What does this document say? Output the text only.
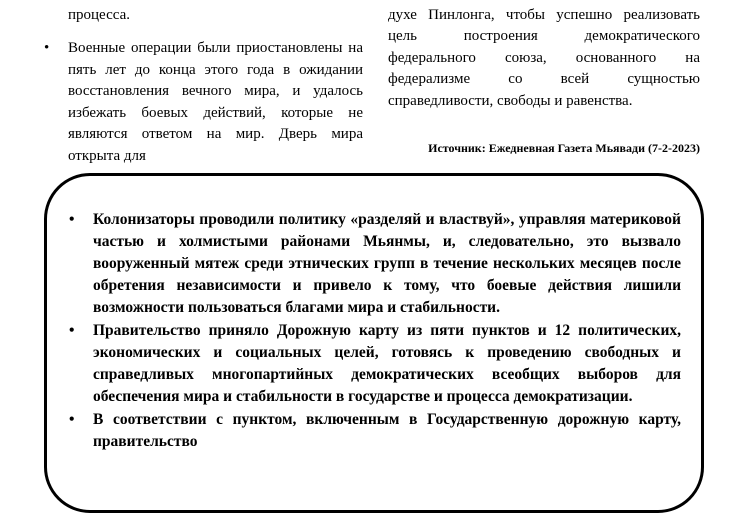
процесса.

• Военные операции были приостановлены на пять лет до конца этого года в ожидании восстановления вечного мира, и удалось избежать боевых действий, которые не являются ответом на мир. Дверь мира открыта для

духе Пинлонга, чтобы успешно реализовать цель построения демократического федерального союза, основанного на федерализме со всей сущностью справедливости, свободы и равенства.

Источник: Ежедневная Газета Мьявади (7-2-2023)
• Колонизаторы проводили политику «разделяй и властвуй», управляя материковой частью и холмистыми районами Мьянмы, и, следовательно, это вызвало вооруженный мятеж среди этнических групп в течение нескольких месяцев после обретения независимости и привело к тому, что боевые действия лишили возможности пользоваться благами мира и стабильности.
• Правительство приняло Дорожную карту из пяти пунктов и 12 политических, экономических и социальных целей, готовясь к проведению свободных и справедливых многопартийных демократических всеобщих выборов для обеспечения мира и стабильности в государстве и процесса демократизации.
• В соответствии с пунктом, включенным в Государственную дорожную карту, правительство
